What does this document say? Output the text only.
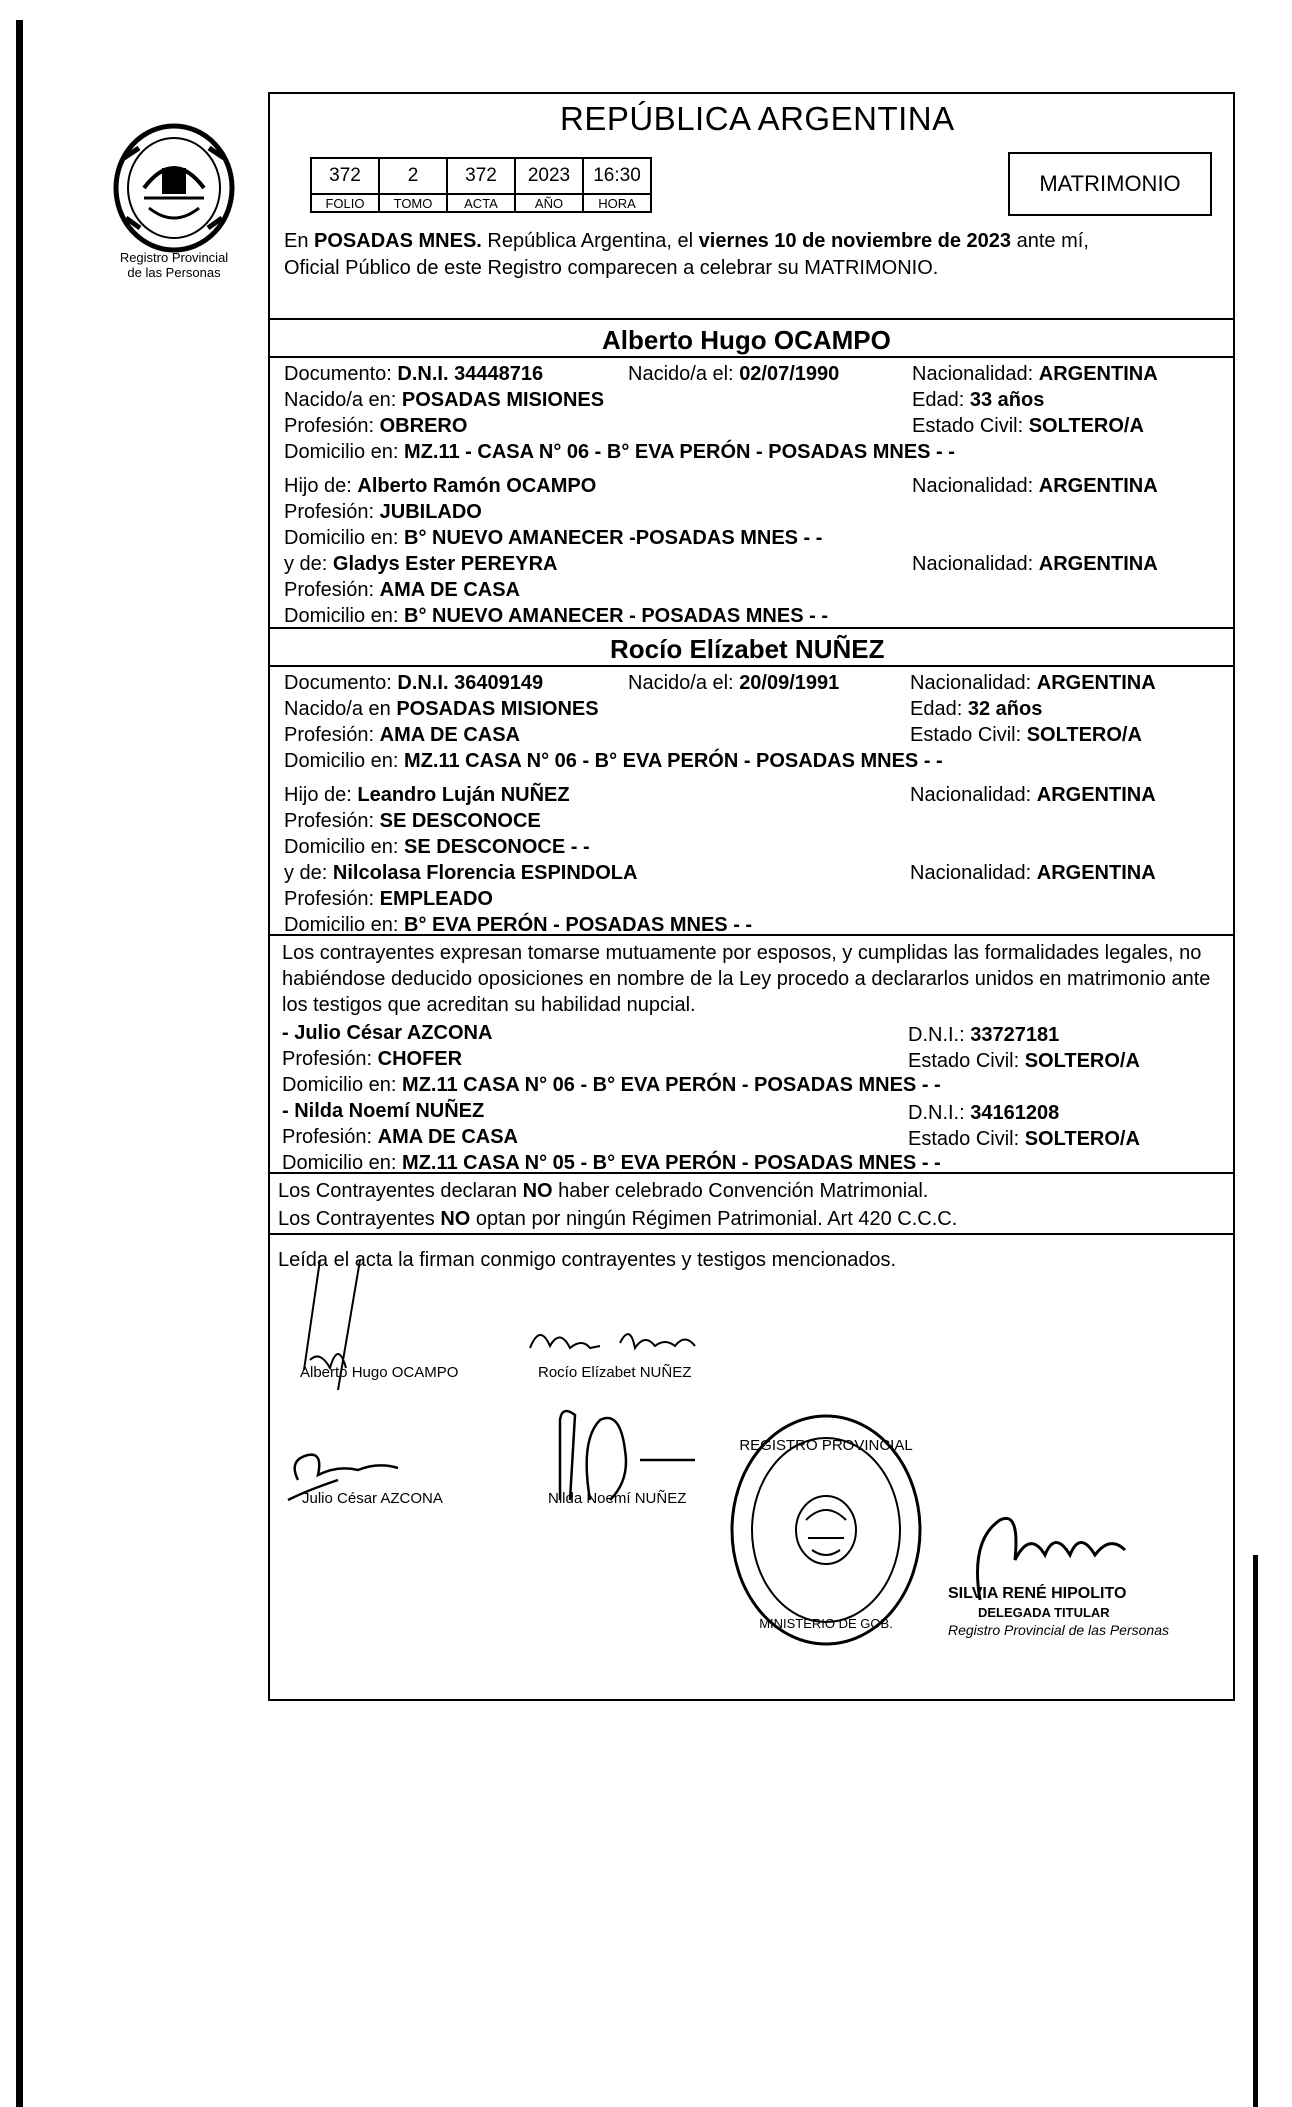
Registro Provincial
de las Personas
REPÚBLICA ARGENTINA
372	2	372	2023	16:30
FOLIO	TOMO	ACTA	AÑO	HORA
MATRIMONIO
En POSADAS MNES. República Argentina, el viernes 10 de noviembre de 2023 ante mí,
Oficial Público de este Registro comparecen a celebrar su MATRIMONIO.
Alberto Hugo OCAMPO
Documento: D.N.I. 34448716	Nacido/a el: 02/07/1990	Nacionalidad: ARGENTINA
Nacido/a en: POSADAS MISIONES	Edad: 33 años
Profesión: OBRERO	Estado Civil: SOLTERO/A
Domicilio en: MZ.11 - CASA N° 06 - B° EVA PERÓN - POSADAS MNES - -
Hijo de: Alberto Ramón OCAMPO	Nacionalidad: ARGENTINA
Profesión: JUBILADO
Domicilio en: B° NUEVO AMANECER -POSADAS MNES - -
y de: Gladys Ester PEREYRA	Nacionalidad: ARGENTINA
Profesión: AMA DE CASA
Domicilio en: B° NUEVO AMANECER - POSADAS MNES - -
Rocío Elízabet NUÑEZ
Documento: D.N.I. 36409149	Nacido/a el: 20/09/1991	Nacionalidad: ARGENTINA
Nacido/a en POSADAS MISIONES	Edad: 32 años
Profesión: AMA DE CASA	Estado Civil: SOLTERO/A
Domicilio en: MZ.11 CASA N° 06 - B° EVA PERÓN - POSADAS MNES - -
Hijo de: Leandro Luján NUÑEZ	Nacionalidad: ARGENTINA
Profesión: SE DESCONOCE
Domicilio en: SE DESCONOCE - -
y de: Nilcolasa Florencia ESPINDOLA	Nacionalidad: ARGENTINA
Profesión: EMPLEADO
Domicilio en: B° EVA PERÓN - POSADAS MNES - -
Los contrayentes expresan tomarse mutuamente por esposos, y cumplidas las formalidades legales, no
habiéndose deducido oposiciones en nombre de la Ley procedo a declararlos unidos en matrimonio ante
los testigos que acreditan su habilidad nupcial.
- Julio César AZCONA	D.N.I.: 33727181
Profesión: CHOFER	Estado Civil: SOLTERO/A
Domicilio en: MZ.11 CASA N° 06 - B° EVA PERÓN - POSADAS MNES - -
- Nilda Noemí NUÑEZ	D.N.I.: 34161208
Profesión: AMA DE CASA	Estado Civil: SOLTERO/A
Domicilio en: MZ.11 CASA N° 05 - B° EVA PERÓN - POSADAS MNES - -
Los Contrayentes declaran NO haber celebrado Convención Matrimonial.
Los Contrayentes NO optan por ningún Régimen Patrimonial. Art 420 C.C.C.
Leída el acta la firman conmigo contrayentes y testigos mencionados.
Alberto Hugo OCAMPO	Rocío Elízabet NUÑEZ
Julio César AZCONA	Nilda Noemí NUÑEZ
REGISTRO PROVINCIAL
MINISTERIO DE GOB.
SILVIA RENÉ HIPOLITO
DELEGADA TITULAR
Registro Provincial de las Personas
